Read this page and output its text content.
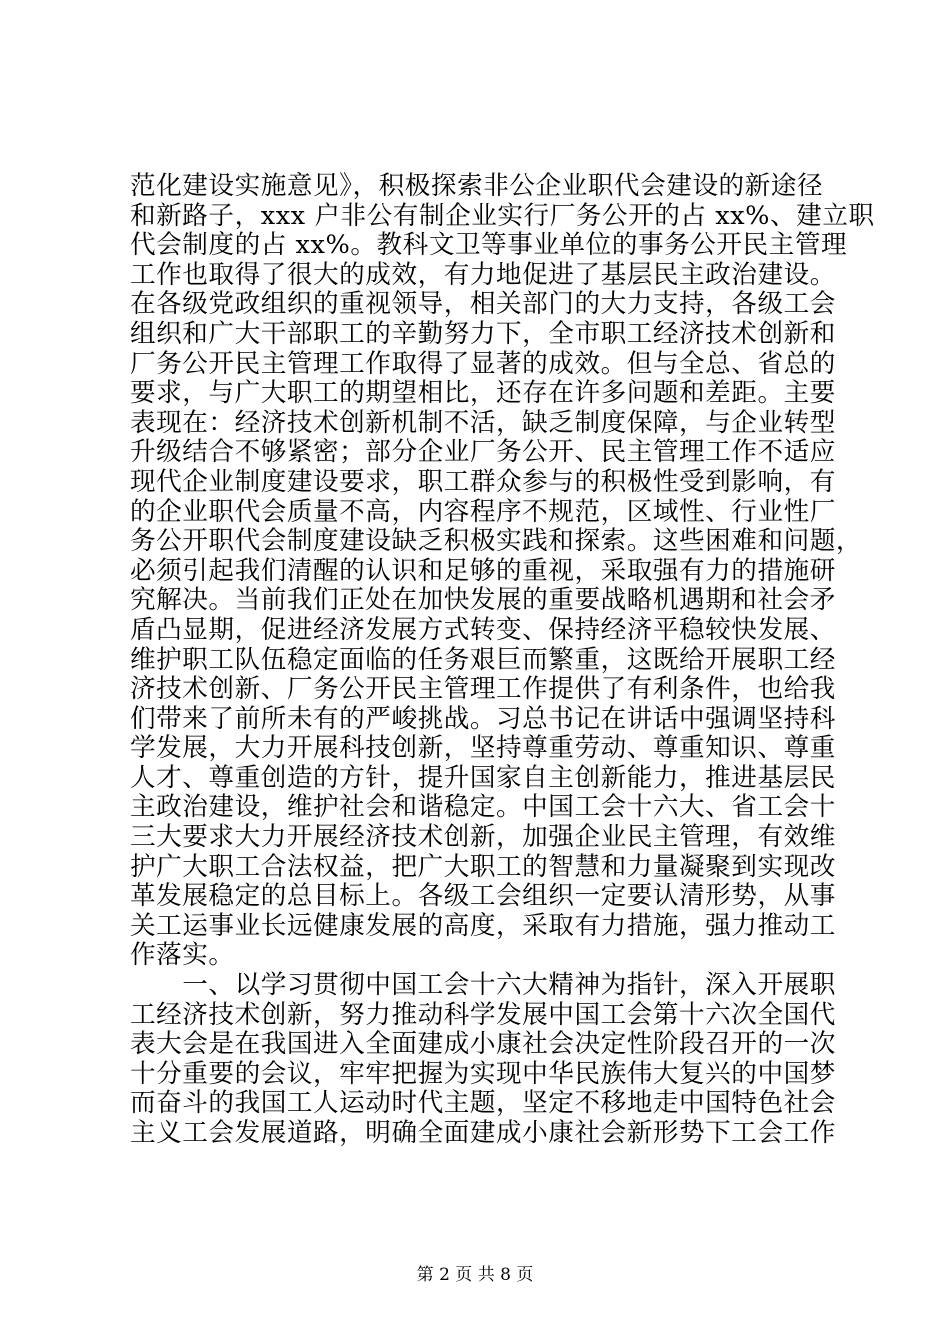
范化建设实施意见》，积极探索非公企业职代会建设的新途径
和新路子，xxx 户非公有制企业实行厂务公开的占 xx%、建立职
代会制度的占 xx%。教科文卫等事业单位的事务公开民主管理
工作也取得了很大的成效，有力地促进了基层民主政治建设。
在各级党政组织的重视领导，相关部门的大力支持，各级工会
组织和广大干部职工的辛勤努力下，全市职工经济技术创新和
厂务公开民主管理工作取得了显著的成效。但与全总、省总的
要求，与广大职工的期望相比，还存在许多问题和差距。主要
表现在：经济技术创新机制不活，缺乏制度保障，与企业转型
升级结合不够紧密；部分企业厂务公开、民主管理工作不适应
现代企业制度建设要求，职工群众参与的积极性受到影响，有
的企业职代会质量不高，内容程序不规范，区域性、行业性厂
务公开职代会制度建设缺乏积极实践和探索。这些困难和问题，
必须引起我们清醒的认识和足够的重视，采取强有力的措施研
究解决。当前我们正处在加快发展的重要战略机遇期和社会矛
盾凸显期，促进经济发展方式转变、保持经济平稳较快发展、
维护职工队伍稳定面临的任务艰巨而繁重，这既给开展职工经
济技术创新、厂务公开民主管理工作提供了有利条件，也给我
们带来了前所未有的严峻挑战。习总书记在讲话中强调坚持科
学发展，大力开展科技创新，坚持尊重劳动、尊重知识、尊重
人才、尊重创造的方针，提升国家自主创新能力，推进基层民
主政治建设，维护社会和谐稳定。中国工会十六大、省工会十
三大要求大力开展经济技术创新，加强企业民主管理，有效维
护广大职工合法权益，把广大职工的智慧和力量凝聚到实现改
革发展稳定的总目标上。各级工会组织一定要认清形势，从事
关工运事业长远健康发展的高度，采取有力措施，强力推动工
作落实。
　　一、以学习贯彻中国工会十六大精神为指针，深入开展职
工经济技术创新，努力推动科学发展中国工会第十六次全国代
表大会是在我国进入全面建成小康社会决定性阶段召开的一次
十分重要的会议，牢牢把握为实现中华民族伟大复兴的中国梦
而奋斗的我国工人运动时代主题，坚定不移地走中国特色社会
主义工会发展道路，明确全面建成小康社会新形势下工会工作
第 2 页 共 8 页
